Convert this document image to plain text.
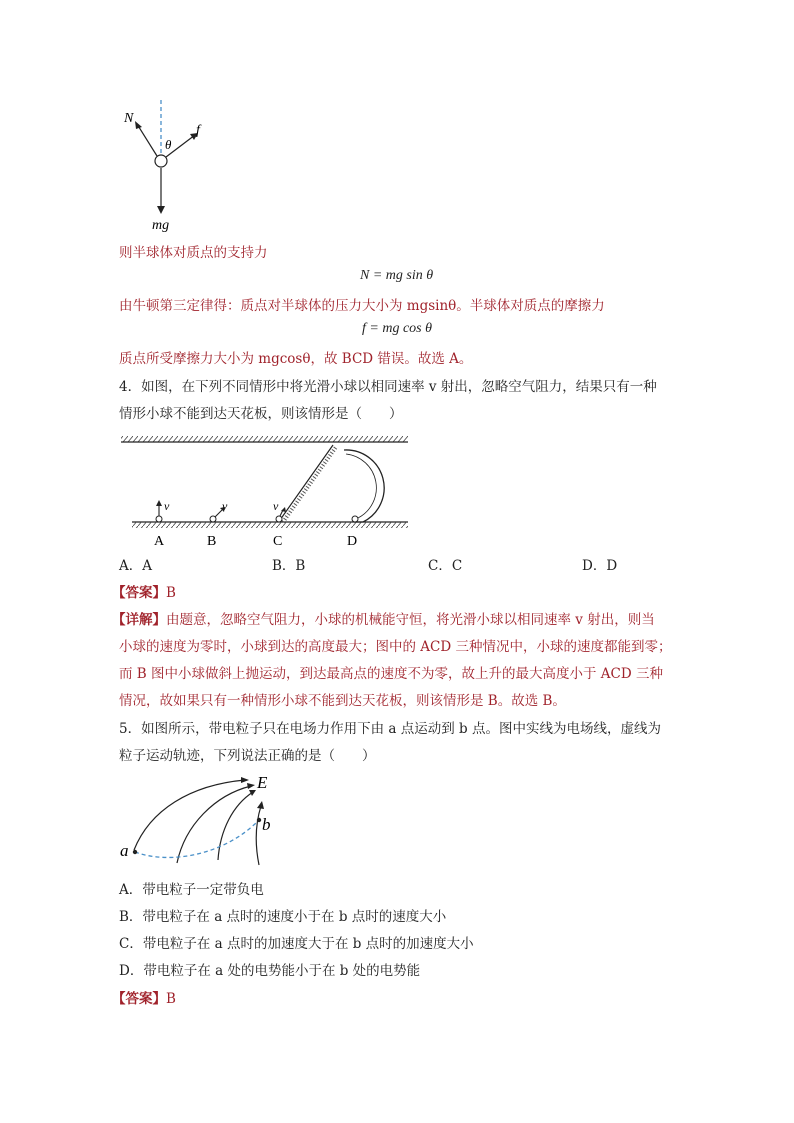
N
θ
f
mg
则半球体对质点的支持力
N = mg sin θ
由牛顿第三定律得：质点对半球体的压力大小为 mgsinθ。半球体对质点的摩擦力
f = mg cos θ
质点所受摩擦力大小为 mgcosθ，故 BCD 错误。故选 A。
4．如图，在下列不同情形中将光滑小球以相同速率 v 射出，忽略空气阻力，结果只有一种
情形小球不能到达天花板，则该情形是（　　）
v	v	v
A	B	C	D
A．A	B．B	C．C	D．D
【答案】B
【详解】由题意，忽略空气阻力，小球的机械能守恒，将光滑小球以相同速率 v 射出，则当
小球的速度为零时，小球到达的高度最大；图中的 ACD 三种情况中，小球的速度都能到零；
而 B 图中小球做斜上抛运动，到达最高点的速度不为零，故上升的最大高度小于 ACD 三种
情况，故如果只有一种情形小球不能到达天花板，则该情形是 B。故选 B。
5．如图所示，带电粒子只在电场力作用下由 a 点运动到 b 点。图中实线为电场线，虚线为
粒子运动轨迹，下列说法正确的是（　　）
E
a
b
A．带电粒子一定带负电
B．带电粒子在 a 点时的速度小于在 b 点时的速度大小
C．带电粒子在 a 点时的加速度大于在 b 点时的加速度大小
D．带电粒子在 a 处的电势能小于在 b 处的电势能
【答案】B
